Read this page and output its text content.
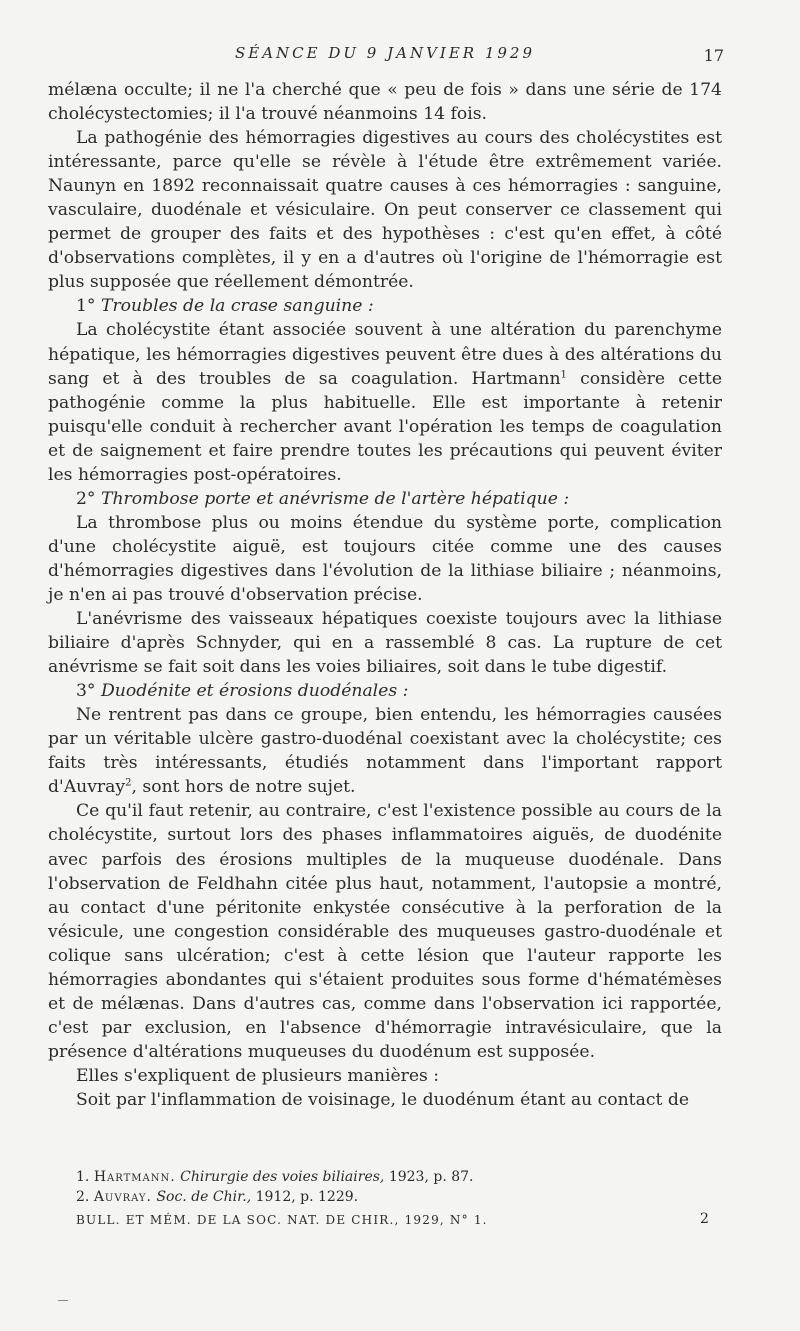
SÉANCE DU 9 JANVIER 1929	17

mélæna occulte; il ne l'a cherché que « peu de fois » dans une série de 174 cholécystectomies; il l'a trouvé néanmoins 14 fois.

La pathogénie des hémorragies digestives au cours des cholécystites est intéressante, parce qu'elle se révèle à l'étude être extrêmement variée. Naunyn en 1892 reconnaissait quatre causes à ces hémorragies : sanguine, vasculaire, duodénale et vésiculaire. On peut conserver ce classement qui permet de grouper des faits et des hypothèses : c'est qu'en effet, à côté d'observations complètes, il y en a d'autres où l'origine de l'hémorragie est plus supposée que réellement démontrée.

1° Troubles de la crase sanguine :

La cholécystite étant associée souvent à une altération du parenchyme hépatique, les hémorragies digestives peuvent être dues à des altérations du sang et à des troubles de sa coagulation. Hartmann$^1$ considère cette pathogénie comme la plus habituelle. Elle est importante à retenir puisqu'elle conduit à rechercher avant l'opération les temps de coagulation et de saignement et faire prendre toutes les précautions qui peuvent éviter les hémorragies post-opératoires.

2° Thrombose porte et anévrisme de l'artère hépatique :

La thrombose plus ou moins étendue du système porte, complication d'une cholécystite aiguë, est toujours citée comme une des causes d'hémorragies digestives dans l'évolution de la lithiase biliaire ; néanmoins, je n'en ai pas trouvé d'observation précise.

L'anévrisme des vaisseaux hépatiques coexiste toujours avec la lithiase biliaire d'après Schnyder, qui en a rassemblé 8 cas. La rupture de cet anévrisme se fait soit dans les voies biliaires, soit dans le tube digestif.

3° Duodénite et érosions duodénales :

Ne rentrent pas dans ce groupe, bien entendu, les hémorragies causées par un véritable ulcère gastro-duodénal coexistant avec la cholécystite; ces faits très intéressants, étudiés notamment dans l'important rapport d'Auvray$^2$, sont hors de notre sujet.

Ce qu'il faut retenir, au contraire, c'est l'existence possible au cours de la cholécystite, surtout lors des phases inflammatoires aiguës, de duodénite avec parfois des érosions multiples de la muqueuse duodénale. Dans l'observation de Feldhahn citée plus haut, notamment, l'autopsie a montré, au contact d'une péritonite enkystée consécutive à la perforation de la vésicule, une congestion considérable des muqueuses gastro-duodénale et colique sans ulcération; c'est à cette lésion que l'auteur rapporte les hémorragies abondantes qui s'étaient produites sous forme d'hématémèses et de mélænas. Dans d'autres cas, comme dans l'observation ici rapportée, c'est par exclusion, en l'absence d'hémorragie intravésiculaire, que la présence d'altérations muqueuses du duodénum est supposée.

Elles s'expliquent de plusieurs manières :

Soit par l'inflammation de voisinage, le duodénum étant au contact de

1. Hartmann. Chirurgie des voies biliaires, 1923, p. 87.

2. Auvray. Soc. de Chir., 1912, p. 1229.

BULL. ET MÉM. DE LA SOC. NAT. DE CHIR., 1929, N° 1.	2
